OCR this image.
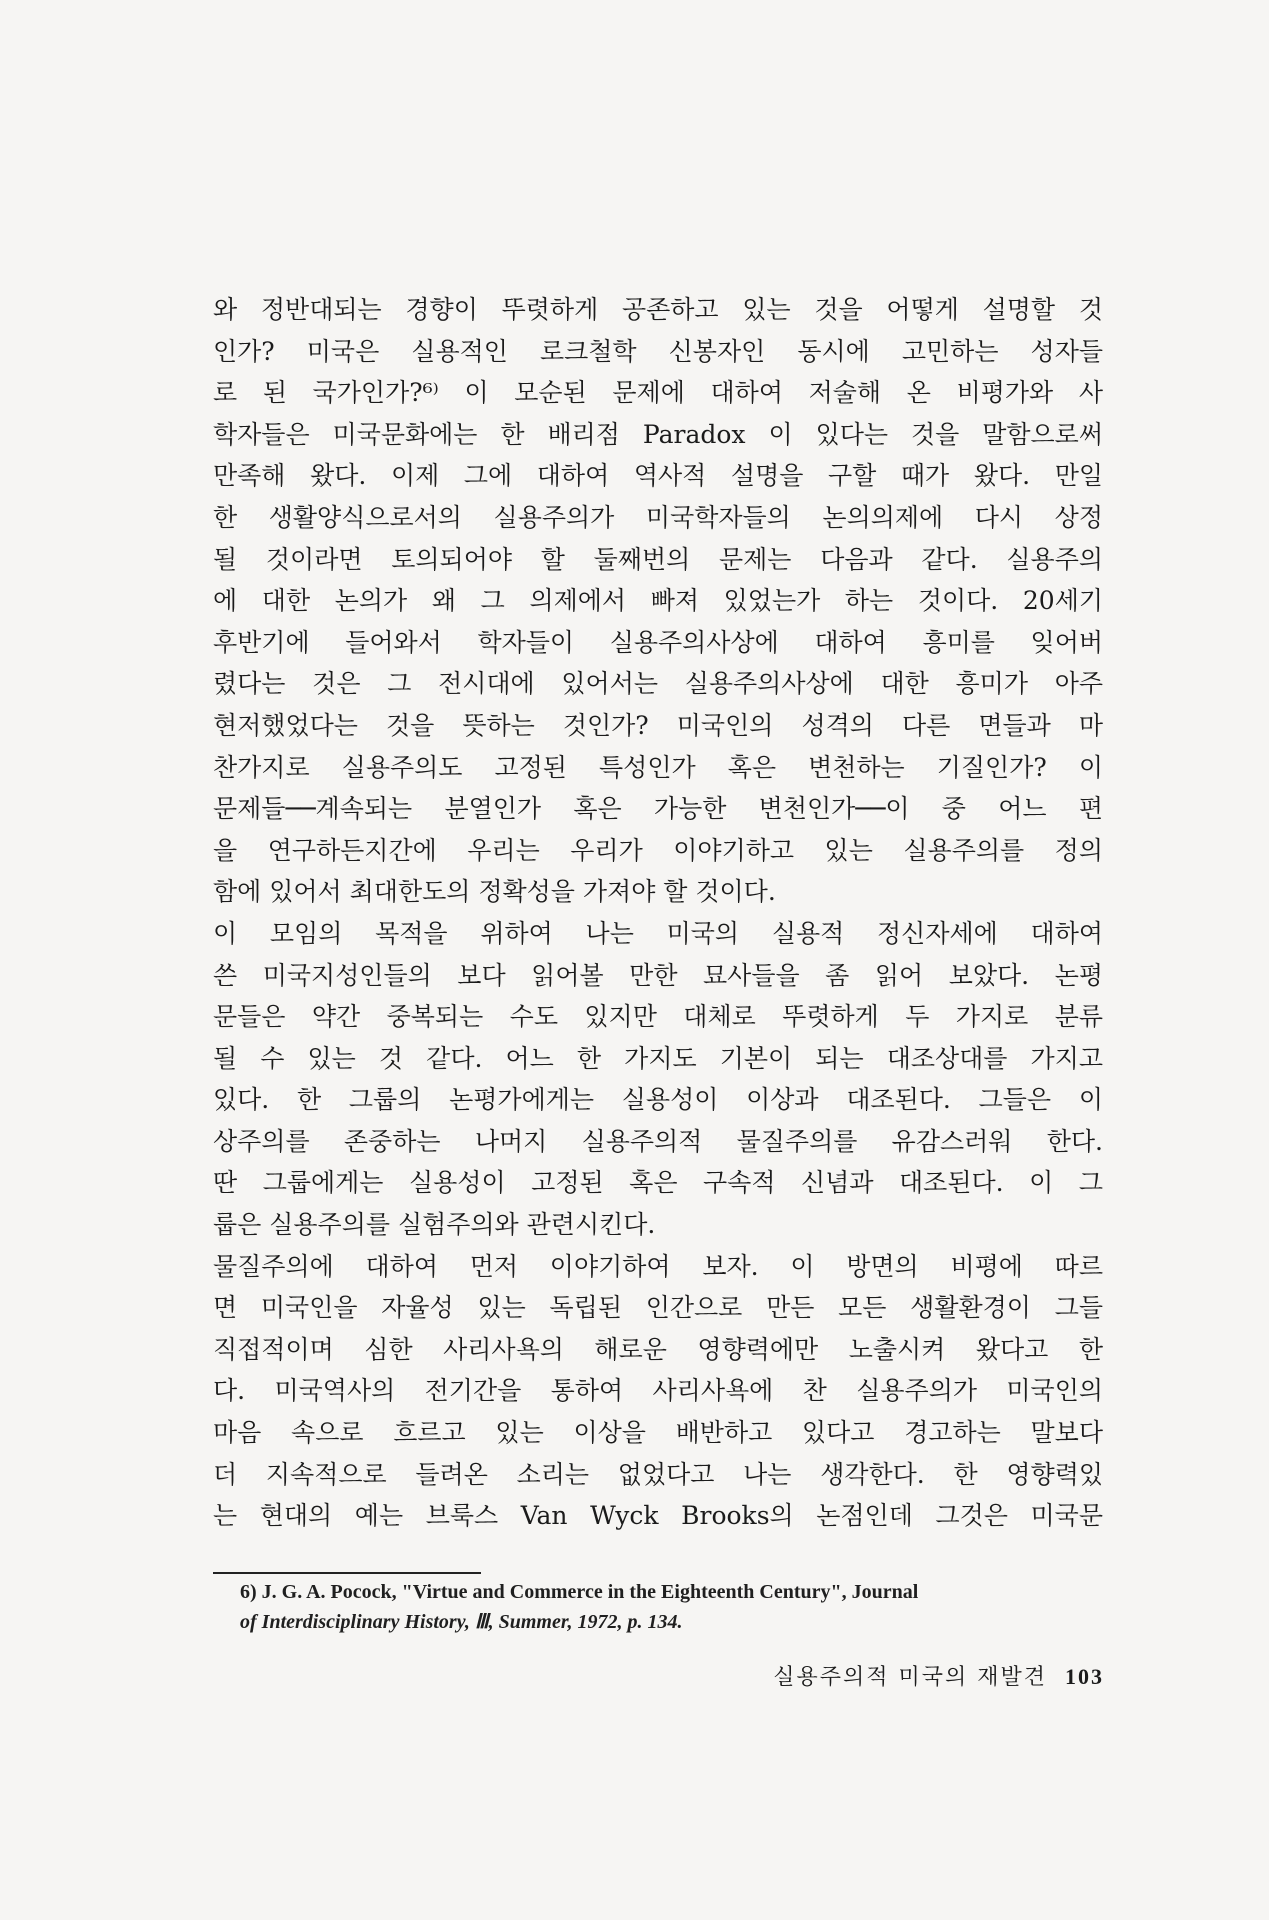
와 정반대되는 경향이 뚜렷하게 공존하고 있는 것을 어떻게 설명할 것
인가? 미국은 실용적인 로크철학 신봉자인 동시에 고민하는 성자들
로 된 국가인가?⁶⁾ 이 모순된 문제에 대하여 저술해 온 비평가와 사
학자들은 미국문화에는 한 배리점 Paradox 이 있다는 것을 말함으로써
만족해 왔다. 이제 그에 대하여 역사적 설명을 구할 때가 왔다. 만일
한 생활양식으로서의 실용주의가 미국학자들의 논의의제에 다시 상정
될 것이라면 토의되어야 할 둘째번의 문제는 다음과 같다. 실용주의
에 대한 논의가 왜 그 의제에서 빠져 있었는가 하는 것이다. 20세기
후반기에 들어와서 학자들이 실용주의사상에 대하여 흥미를 잊어버
렸다는 것은 그 전시대에 있어서는 실용주의사상에 대한 흥미가 아주
현저했었다는 것을 뜻하는 것인가? 미국인의 성격의 다른 면들과 마
찬가지로 실용주의도 고정된 특성인가 혹은 변천하는 기질인가? 이
문제들──계속되는 분열인가 혹은 가능한 변천인가──이 중 어느 편
을 연구하든지간에 우리는 우리가 이야기하고 있는 실용주의를 정의
함에 있어서 최대한도의 정확성을 가져야 할 것이다.
이 모임의 목적을 위하여 나는 미국의 실용적 정신자세에 대하여
쓴 미국지성인들의 보다 읽어볼 만한 묘사들을 좀 읽어 보았다. 논평
문들은 약간 중복되는 수도 있지만 대체로 뚜렷하게 두 가지로 분류
될 수 있는 것 같다. 어느 한 가지도 기본이 되는 대조상대를 가지고
있다. 한 그룹의 논평가에게는 실용성이 이상과 대조된다. 그들은 이
상주의를 존중하는 나머지 실용주의적 물질주의를 유감스러워 한다.
딴 그룹에게는 실용성이 고정된 혹은 구속적 신념과 대조된다. 이 그
룹은 실용주의를 실험주의와 관련시킨다.
물질주의에 대하여 먼저 이야기하여 보자. 이 방면의 비평에 따르
면 미국인을 자율성 있는 독립된 인간으로 만든 모든 생활환경이 그들
직접적이며 심한 사리사욕의 해로운 영향력에만 노출시켜 왔다고 한
다. 미국역사의 전기간을 통하여 사리사욕에 찬 실용주의가 미국인의
마음 속으로 흐르고 있는 이상을 배반하고 있다고 경고하는 말보다
더 지속적으로 들려온 소리는 없었다고 나는 생각한다. 한 영향력있
는 현대의 예는 브룩스 Van Wyck Brooks의 논점인데 그것은 미국문
6) J. G. A. Pocock, "Virtue and Commerce in the Eighteenth Century", Journal
of Interdisciplinary History, Ⅲ, Summer, 1972, p. 134.
실용주의적 미국의 재발견 103
